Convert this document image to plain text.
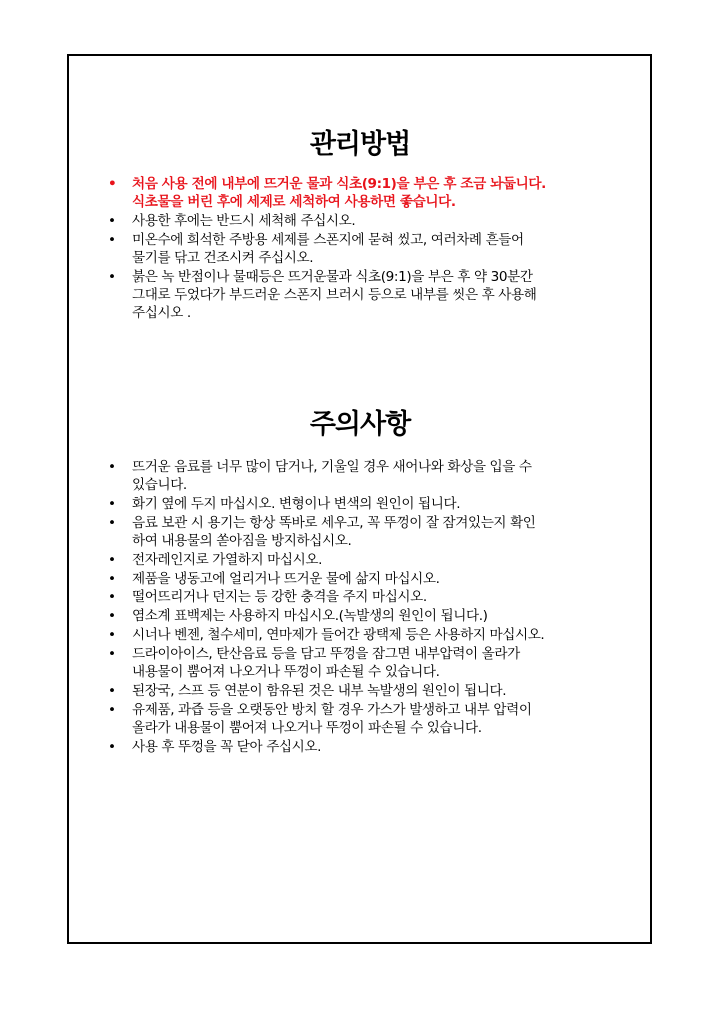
관리방법
• 처음 사용 전에 내부에 뜨거운 물과 식초(9:1)을 부은 후 조금 놔둡니다.
식초물을 버린 후에 세제로 세척하여 사용하면 좋습니다.
• 사용한 후에는 반드시 세척해 주십시오.
• 미온수에 희석한 주방용 세제를 스폰지에 묻혀 씼고, 여러차례 흔들어
물기를 닦고 건조시켜 주십시오.
• 붉은 녹 반점이나 물때등은 뜨거운물과 식초(9:1)을 부은 후 약 30분간
그대로 두었다가 부드러운 스폰지 브러시 등으로 내부를 씻은 후 사용해
주십시오 .
주의사항
• 뜨거운 음료를 너무 많이 담거나, 기울일 경우 새어나와 화상을 입을 수
있습니다.
• 화기 옆에 두지 마십시오. 변형이나 변색의 원인이 됩니다.
• 음료 보관 시 용기는 항상 똑바로 세우고, 꼭 뚜껑이 잘 잠겨있는지 확인
하여 내용물의 쏟아짐을 방지하십시오.
• 전자레인지로 가열하지 마십시오.
• 제품을 냉동고에 얼리거나 뜨거운 물에 삶지 마십시오.
• 떨어뜨리거나 던지는 등 강한 충격을 주지 마십시오.
• 염소계 표백제는 사용하지 마십시오.(녹발생의 원인이 됩니다.)
• 시너나 벤젠, 철수세미, 연마제가 들어간 광택제 등은 사용하지 마십시오.
• 드라이아이스, 탄산음료 등을 담고 뚜껑을 잠그면 내부압력이 올라가
내용물이 뿜어져 나오거나 뚜껑이 파손될 수 있습니다.
• 된장국, 스프 등 연분이 함유된 것은 내부 녹발생의 원인이 됩니다.
• 유제품, 과즙 등을 오랫동안 방치 할 경우 가스가 발생하고 내부 압력이
올라가 내용물이 뿜어져 나오거나 뚜껑이 파손될 수 있습니다.
• 사용 후 뚜껑을 꼭 닫아 주십시오.
